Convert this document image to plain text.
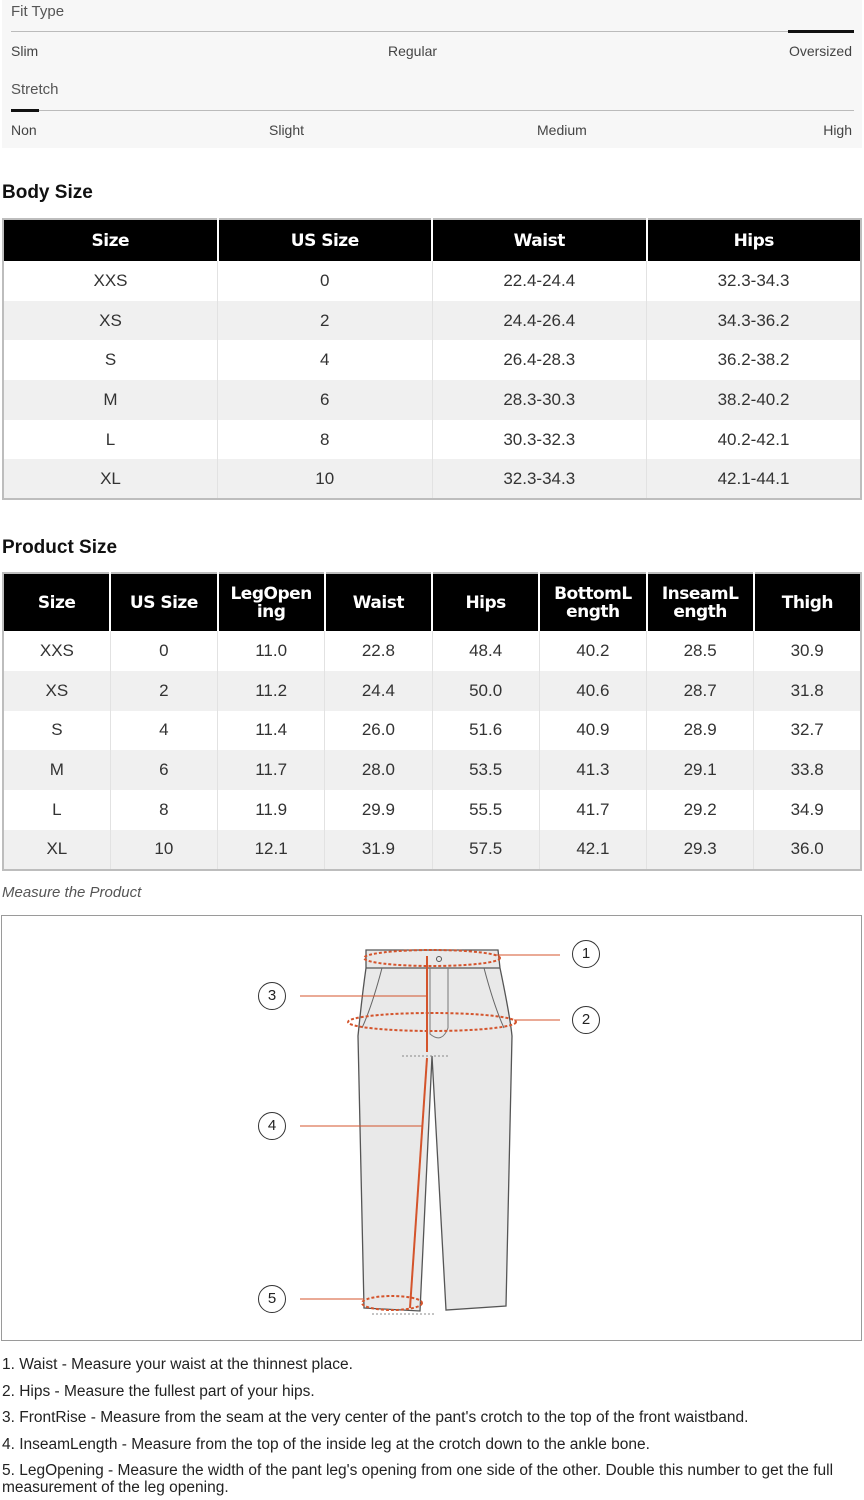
Fit Type
Slim	Regular	Oversized
Stretch
Non	Slight	Medium	High
Body Size
Size	US Size	Waist	Hips
XXS	0	22.4-24.4	32.3-34.3
XS	2	24.4-26.4	34.3-36.2
S	4	26.4-28.3	36.2-38.2
M	6	28.3-30.3	38.2-40.2
L	8	30.3-32.3	40.2-42.1
XL	10	32.3-34.3	42.1-44.1
Product Size
Size	US Size	LegOpen ing	Waist	Hips	BottomL ength	InseamL ength	Thigh
XXS	0	11.0	22.8	48.4	40.2	28.5	30.9
XS	2	11.2	24.4	50.0	40.6	28.7	31.8
S	4	11.4	26.0	51.6	40.9	28.9	32.7
M	6	11.7	28.0	53.5	41.3	29.1	33.8
L	8	11.9	29.9	55.5	41.7	29.2	34.9
XL	10	12.1	31.9	57.5	42.1	29.3	36.0
Measure the Product
1
2
3
4
5

1. Waist - Measure your waist at the thinnest place.

2. Hips - Measure the fullest part of your hips.

3. FrontRise - Measure from the seam at the very center of the pant's crotch to the top of the front waistband.

4. InseamLength - Measure from the top of the inside leg at the crotch down to the ankle bone.

5. LegOpening - Measure the width of the pant leg's opening from one side of the other. Double this number to get the full measurement of the leg opening.
